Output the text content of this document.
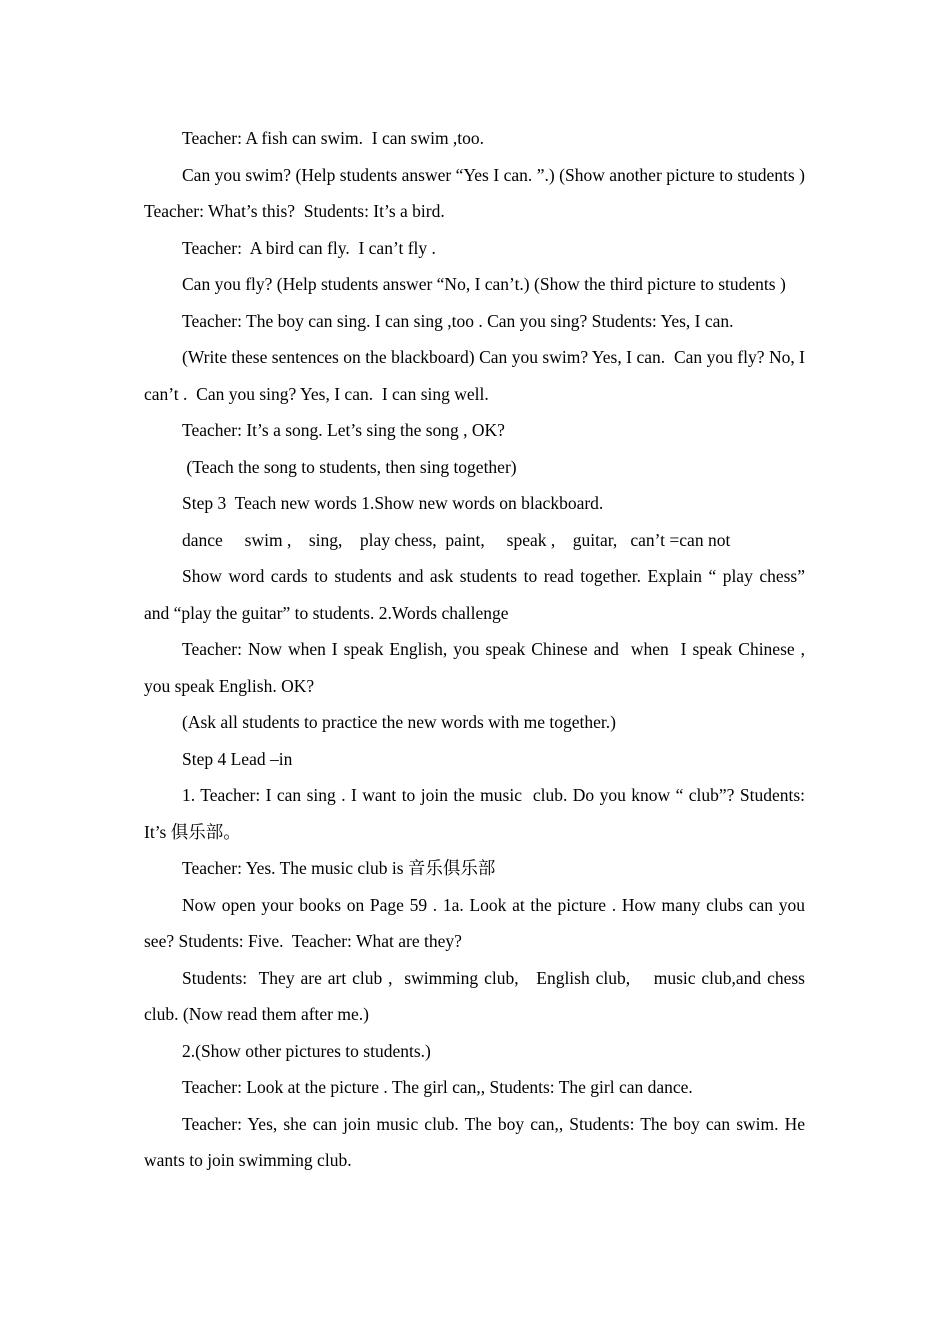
Teacher: A fish can swim.  I can swim ,too.

Can you swim? (Help students answer “Yes I can. ”.) (Show another picture to students ) Teacher: What’s this?  Students: It’s a bird.

Teacher:  A bird can fly.  I can’t fly .

Can you fly? (Help students answer “No, I can’t.) (Show the third picture to students )

Teacher: The boy can sing. I can sing ,too . Can you sing? Students: Yes, I can.

(Write these sentences on the blackboard) Can you swim? Yes, I can.  Can you fly? No, I can’t .  Can you sing? Yes, I can.  I can sing well.

Teacher: It’s a song. Let’s sing the song , OK?

(Teach the song to students, then sing together)

Step 3  Teach new words 1.Show new words on blackboard.

dance     swim ,    sing,    play chess,  paint,     speak ,    guitar,   can’t =can not

Show word cards to students and ask students to read together. Explain “ play chess” and “play the guitar” to students. 2.Words challenge

Teacher: Now when I speak English, you speak Chinese and  when  I speak Chinese , you speak English. OK?

(Ask all students to practice the new words with me together.)

Step 4 Lead –in

1. Teacher: I can sing . I want to join the music  club. Do you know “ club”? Students: It’s 俱乐部。

Teacher: Yes. The music club is 音乐俱乐部

Now open your books on Page 59 . 1a. Look at the picture . How many clubs can you see? Students: Five.  Teacher: What are they?

Students:  They are art club ,  swimming club,   English club,    music club,and chess club. (Now read them after me.)

2.(Show other pictures to students.)

Teacher: Look at the picture . The girl can,, Students: The girl can dance.

Teacher: Yes, she can join music club. The boy can,, Students: The boy can swim. He wants to join swimming club.
